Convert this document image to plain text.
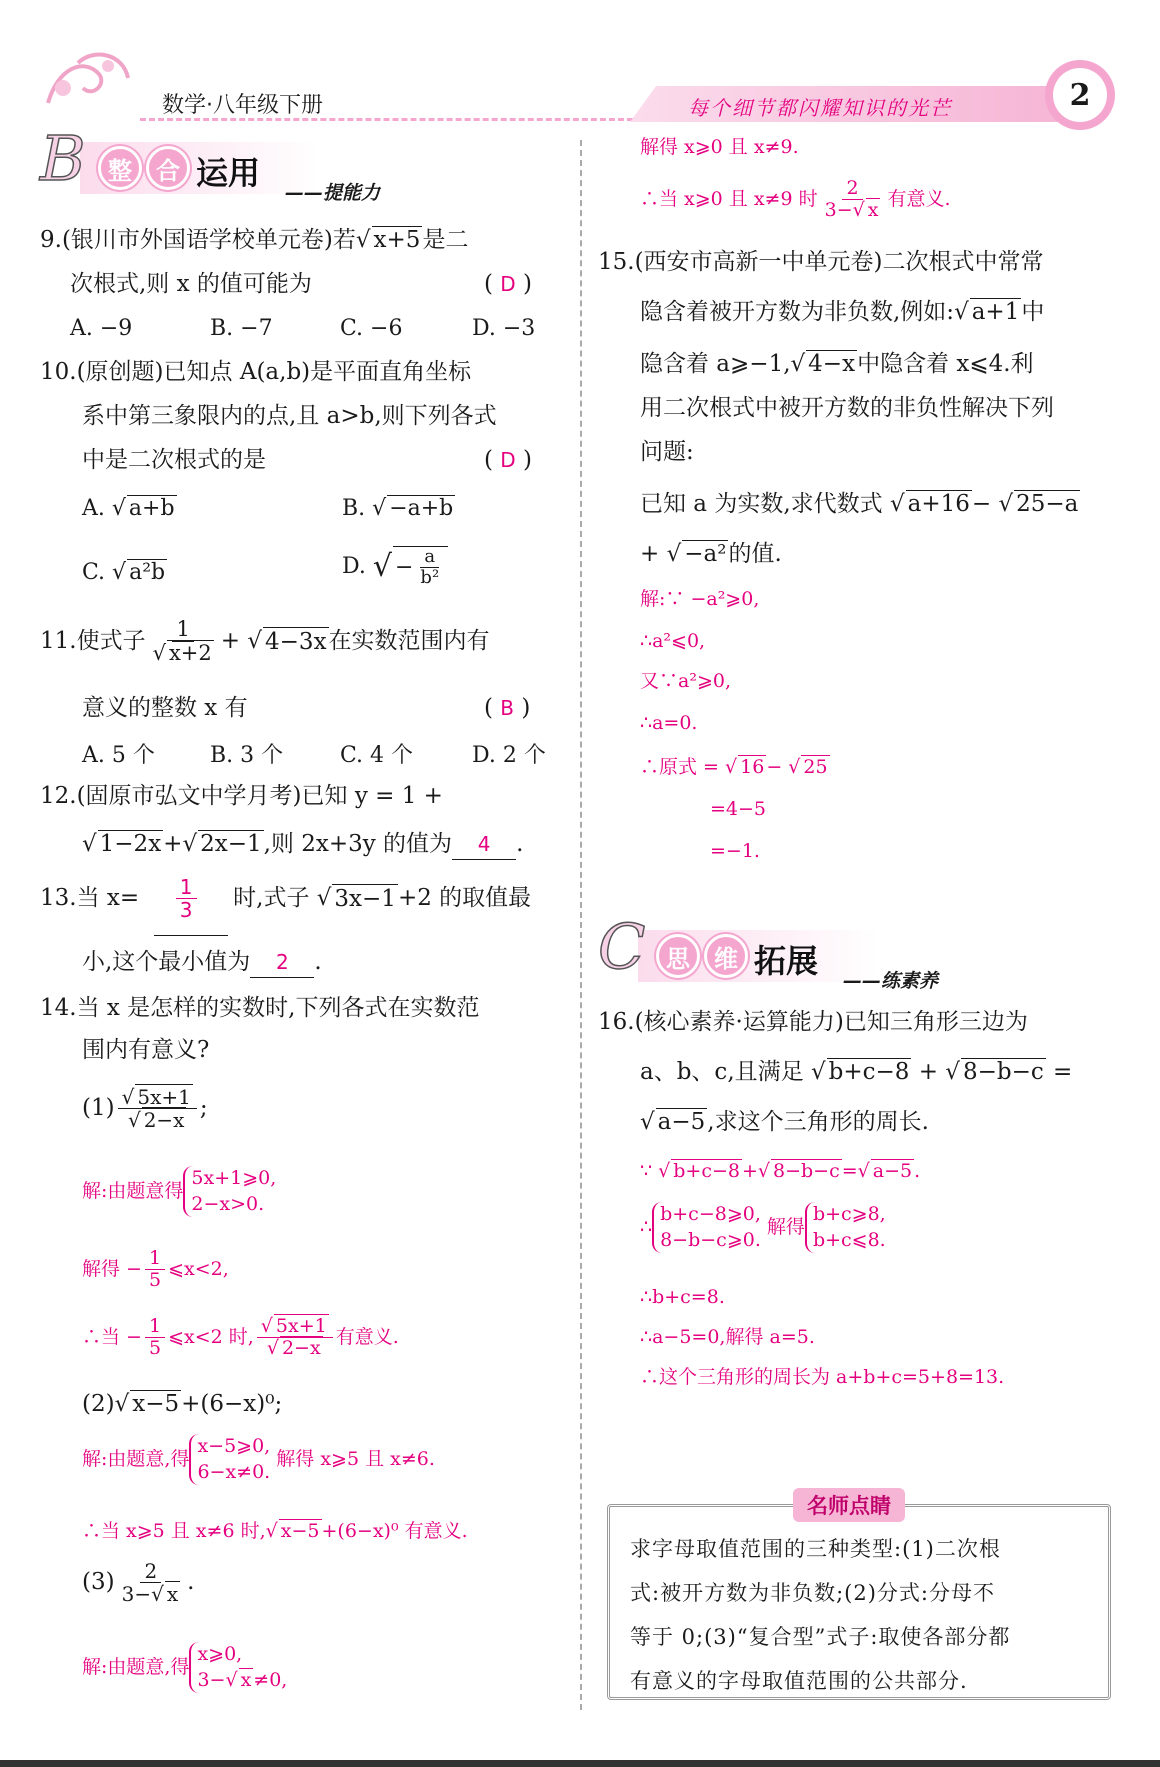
数学·八年级下册	每个细节都闪耀知识的光芒	2
B 整	合 运用
——提能力
9.(银川市外国语学校单元卷)若 √ x+5是二
次根式,则 x 的值可能为	( D )
A. −9	B. −7	C. −6	D. −3
10.(原创题)已知点 A(a,b)是平面直角坐标
系中第三象限内的点,且 a>b,则下列各式
中是二次根式的是	( D )
A. √ a+b	B. √ −a+b
C. √ a²b	D.
√ − $\frac{a}{\text{b²}}$
11.使式子 1
√ x+2 +
√ 4−3x 在实数范围内有
意义的整数 x 有	( B )
A. 5 个	B. 3 个	C. 4 个	D. 2 个
12.(固原市弘文中学月考)已知 y = 1 +
√ 1−2x+ √ 2x−1,则 2x+3y 的值为 4 .
13.当 $x= \frac{1}{3}$ 时,式子
√ 3x−1 +2 的取值最
小,这个最小值为 2 .
14.当 x 是怎样的实数时,下列各式在实数范
围内有意义?
(1) √ 5x+1
√ 2−x ;
解:由题意得
5x+1⩾0,
2−x>0.
解得 − $\frac{1}{5}$ ⩽x<2,
∴当 − $\frac{1}{5}$ ⩽x<2 时, √ 5x+1
√ 2−x 有意义.
(2) √ x−5+(6−x)⁰;
解:由题意,得
x−5⩾0,
6−x≠0.

解得 x⩾5 且 x≠6.
∴当 x⩾5 且 x≠6 时, √ x−5 +(6−x)⁰ 有意义.
$(3) \frac{2}{3- √ x}$ .
解:由题意,得
x⩾0,
3− √ x ≠0,
解得 x⩾0 且 x≠9.
∴当 x⩾0 且 x≠9 时 $\frac{2}{3- √ x}$ 有意义.
15.(西安市高新一中单元卷)二次根式中常常
隐含着被开方数为非负数,例如: √ a+1中
隐含着 a⩾−1, √ 4−x中隐含着 x⩽4.利
用二次根式中被开方数的非负性解决下列
问题:
已知 a 为实数,求代数式 √ a+16− √ 25−a
+ √ −a²的值.
解:∵ −a²⩾0,
∴a²⩽0,
又∵a²⩾0,
∴a=0.
∴原式 = √ 16 − √ 25
=4−5
=−1.
C 思	维 拓展
——练素养
16.(核心素养·运算能力)已知三角形三边为
a、b、c,且满足 √ b+c−8 + √ 8−b−c =
√ a−5,求这个三角形的周长.
∵ √ b+c−8 + √ 8−b−c = √ a−5 .
∴
b+c−8⩾0,
8−b−c⩾0.

解得
b+c⩾8,
b+c⩽8.
∴b+c=8.
∴a−5=0,解得 a=5.
∴这个三角形的周长为 a+b+c=5+8=13.
求字母取值范围的三种类型:(1)二次根
式:被开方数为非负数;(2)分式:分母不
等于 0;(3)“复合型”式子:取使各部分都
有意义的字母取值范围的公共部分.
名师点睛
